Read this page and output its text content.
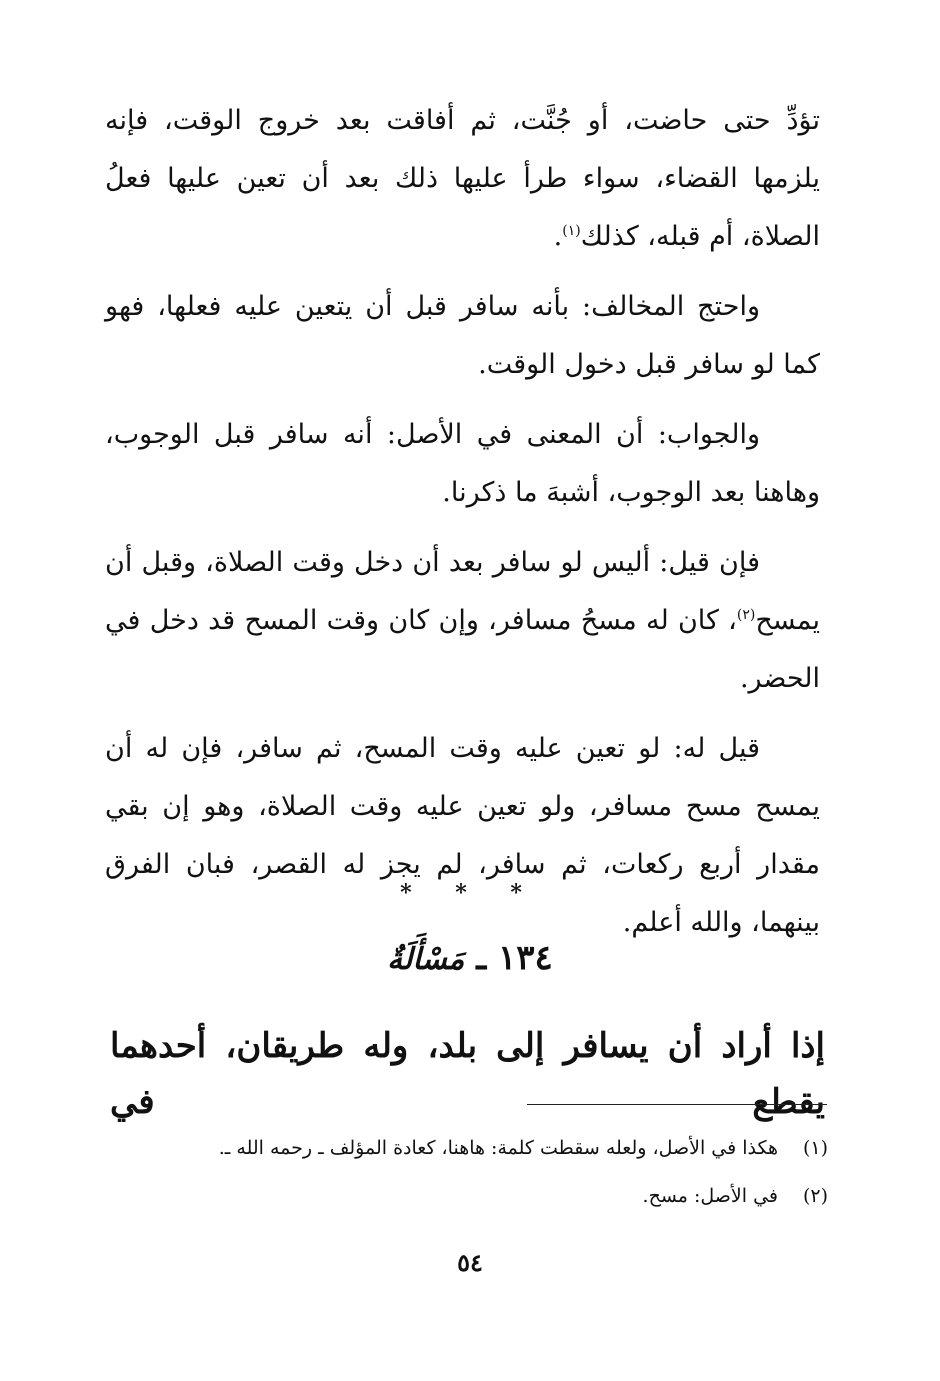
تؤدِّ حتى حاضت، أو جُنَّت، ثم أفاقت بعد خروج الوقت، فإنه يلزمها القضاء، سواء طرأ عليها ذلك بعد أن تعين عليها فعلُ الصلاة، أم قبله، كذلك$^{(١)}$.

واحتج المخالف: بأنه سافر قبل أن يتعين عليه فعلها، فهو كما لو سافر قبل دخول الوقت.

والجواب: أن المعنى في الأصل: أنه سافر قبل الوجوب، وهاهنا بعد الوجوب، أشبهَ ما ذكرنا.

فإن قيل: أليس لو سافر بعد أن دخل وقت الصلاة، وقبل أن يمسح$^{(٢)}$، كان له مسحُ مسافر، وإن كان وقت المسح قد دخل في الحضر.

قيل له: لو تعين عليه وقت المسح، ثم سافر، فإن له أن يمسح مسح مسافر، ولو تعين عليه وقت الصلاة، وهو إن بقي مقدار أربع ركعات، ثم سافر، لم يجز له القصر، فبان الفرق بينهما، والله أعلم.

* * *
١٣٤ ـ مَسْأَلَةٌ

إذا أراد أن يسافر إلى بلد، وله طريقان، أحدهما يقطع في

(١)هكذا في الأصل، ولعله سقطت كلمة: هاهنا، كعادة المؤلف ـ رحمه الله ـ.

(٢)في الأصل: مسح.

٥٤
